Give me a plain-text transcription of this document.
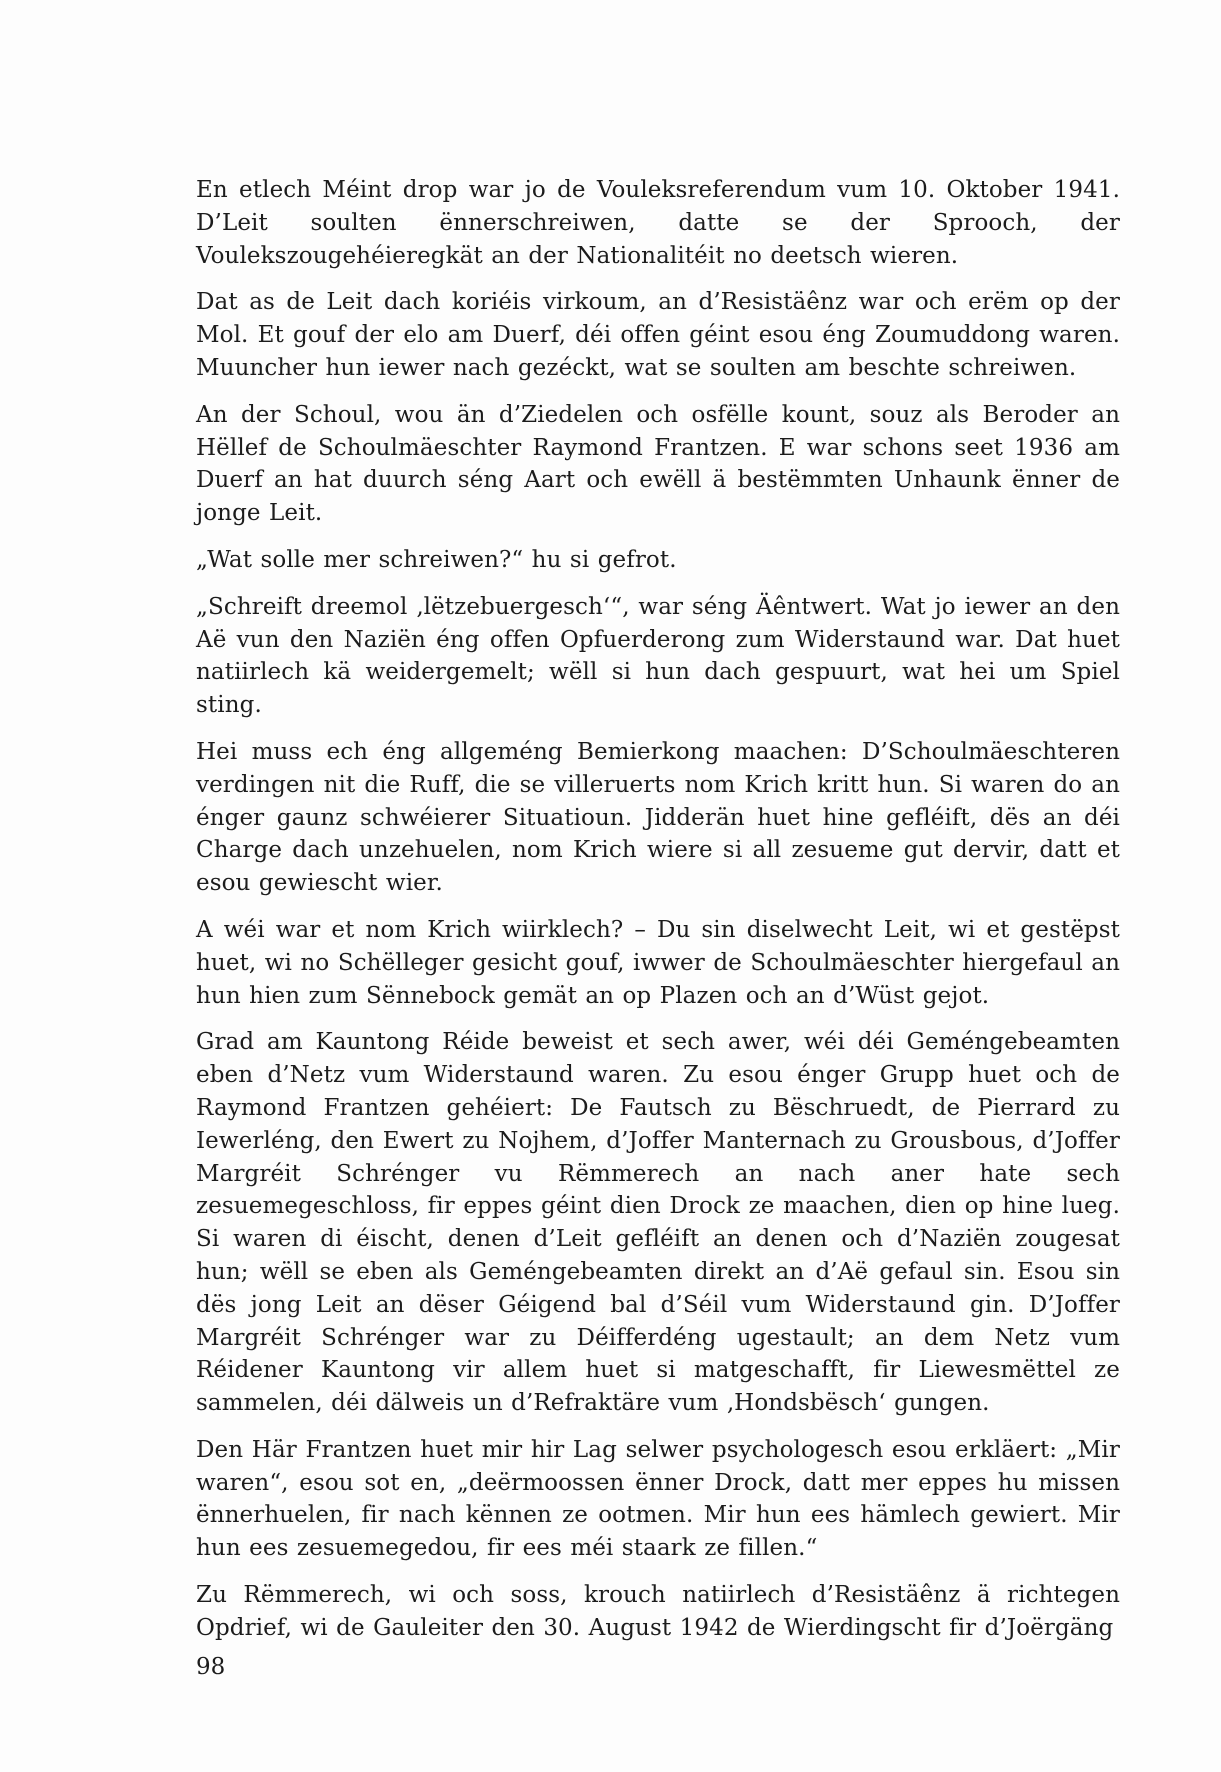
En etlech Méint drop war jo de Vouleksreferendum vum 10. Oktober 1941. D’Leit soulten ënnerschreiwen, datte se der Sprooch, der Voulekszougehéieregkät an der Nationalitéit no deetsch wieren.

Dat as de Leit dach koriéis virkoum, an d’Resistäênz war och erëm op der Mol. Et gouf der elo am Duerf, déi offen géint esou éng Zoumuddong waren. Muuncher hun iewer nach gezéckt, wat se soulten am beschte schreiwen.

An der Schoul, wou än d’Ziedelen och osfëlle kount, souz als Beroder an Hëllef de Schoulmäeschter Raymond Frantzen. E war schons seet 1936 am Duerf an hat duurch séng Aart och ewëll ä bestëmmten Unhaunk ënner de jonge Leit.

„Wat solle mer schreiwen?“ hu si gefrot.

„Schreift dreemol ‚lëtzebuergesch‘“, war séng Äêntwert. Wat jo iewer an den Aë vun den Naziën éng offen Opfuerderong zum Widerstaund war. Dat huet natiirlech kä weidergemelt; wëll si hun dach gespuurt, wat hei um Spiel sting.

Hei muss ech éng allgeméng Bemierkong maachen: D’Schoulmäeschteren verdingen nit die Ruff, die se villeruerts nom Krich kritt hun. Si waren do an énger gaunz schwéierer Situatioun. Jidderän huet hine gefléift, dës an déi Charge dach unzehuelen, nom Krich wiere si all zesueme gut dervir, datt et esou gewiescht wier.

A wéi war et nom Krich wiirklech? – Du sin diselwecht Leit, wi et gestëpst huet, wi no Schëlleger gesicht gouf, iwwer de Schoulmäeschter hiergefaul an hun hien zum Sënnebock gemät an op Plazen och an d’Wüst gejot.

Grad am Kauntong Réide beweist et sech awer, wéi déi Geméngebeamten eben d’Netz vum Widerstaund waren. Zu esou énger Grupp huet och de Raymond Frantzen gehéiert: De Fautsch zu Bëschruedt, de Pierrard zu Iewerléng, den Ewert zu Nojhem, d’Joffer Manternach zu Grousbous, d’Joffer Margréit Schrénger vu Rëmmerech an nach aner hate sech zesuemegeschloss, fir eppes géint dien Drock ze maachen, dien op hine lueg. Si waren di éischt, denen d’Leit gefléift an denen och d’Naziën zougesat hun; wëll se eben als Geméngebeamten direkt an d’Aë gefaul sin. Esou sin dës jong Leit an dëser Géigend bal d’Séil vum Widerstaund gin. D’Joffer Margréit Schrénger war zu Déifferdéng ugestault; an dem Netz vum Réidener Kauntong vir allem huet si matgeschafft, fir Liewesmëttel ze sammelen, déi dälweis un d’Refraktäre vum ‚Hondsbësch‘ gungen.

Den Här Frantzen huet mir hir Lag selwer psychologesch esou erkläert: „Mir waren“, esou sot en, „deërmoossen ënner Drock, datt mer eppes hu missen ënnerhuelen, fir nach kënnen ze ootmen. Mir hun ees hämlech gewiert. Mir hun ees zesuemegedou, fir ees méi staark ze fillen.“

Zu Rëmmerech, wi och soss, krouch natiirlech d’Resistäênz ä richtegen Opdrief, wi de Gauleiter den 30. August 1942 de Wierdingscht fir d’Joërgäng

98
